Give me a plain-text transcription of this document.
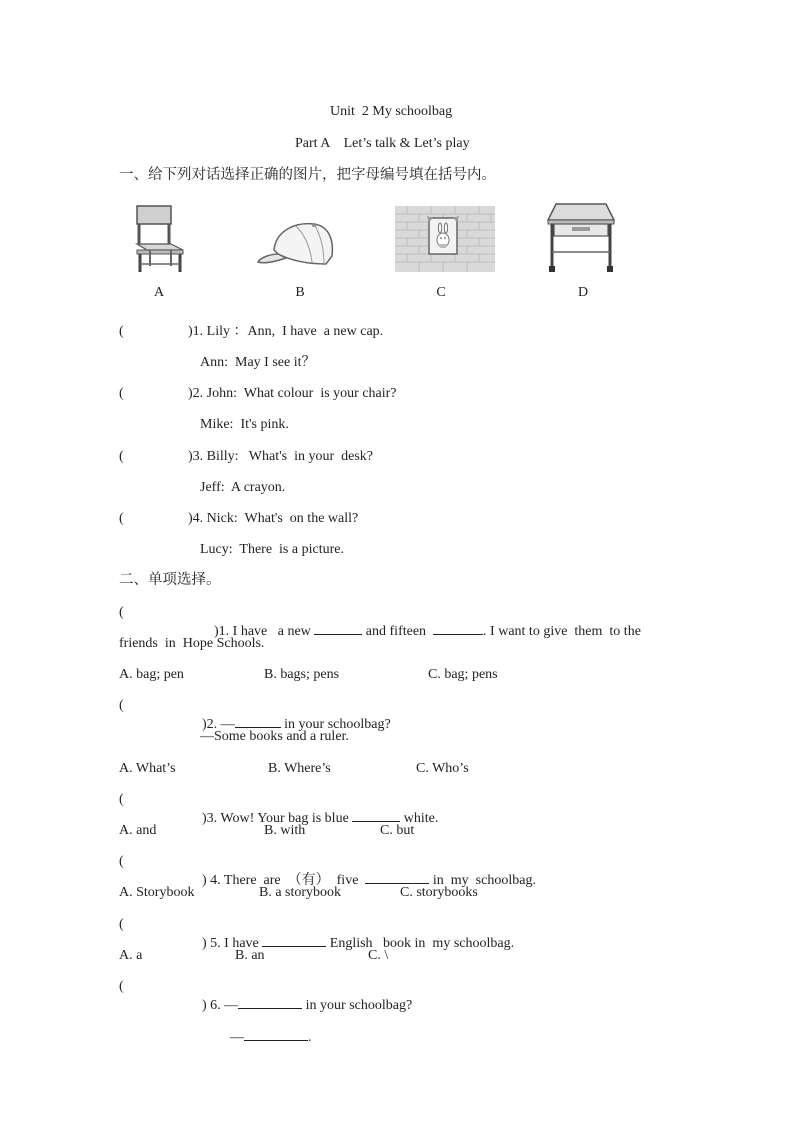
Unit  2 My schoolbag
Part A    Let’s talk & Let’s play
一、给下列对话选择正确的图片，把字母编号填在括号内。
A	B	C	D
(	)1. Lily ：Ann,  I have  a new cap.
Ann:  May I see it？
(	)2. John:  What colour  is your chair?
Mike:  It's pink.
(	)3. Billy:   What's  in your  desk?
Jeff:  A crayon.
(	)4. Nick:  What's  on the wall?
Lucy:  There  is a picture.
二、单项选择。
(

)1. I have   a new	and fifteen	. I want to give  them  to the

friends  in  Hope Schools.
A. bag; pen	B. bags; pens	C. bag; pens
(

)2. —	in your schoolbag?

—Some books and a ruler.
A. What’s	B. Where’s	C. Who’s
(

)3. Wow! Your bag is blue	white.

A. and	B. with	C. but
(

) 4. There  are  （有）  five	in  my  schoolbag.

A. Storybook	B. a storybook	C. storybooks
(

) 5. I have	English   book in  my schoolbag.

A. a	B. an	C. \
(

) 6. —	in your schoolbag?

—	.
